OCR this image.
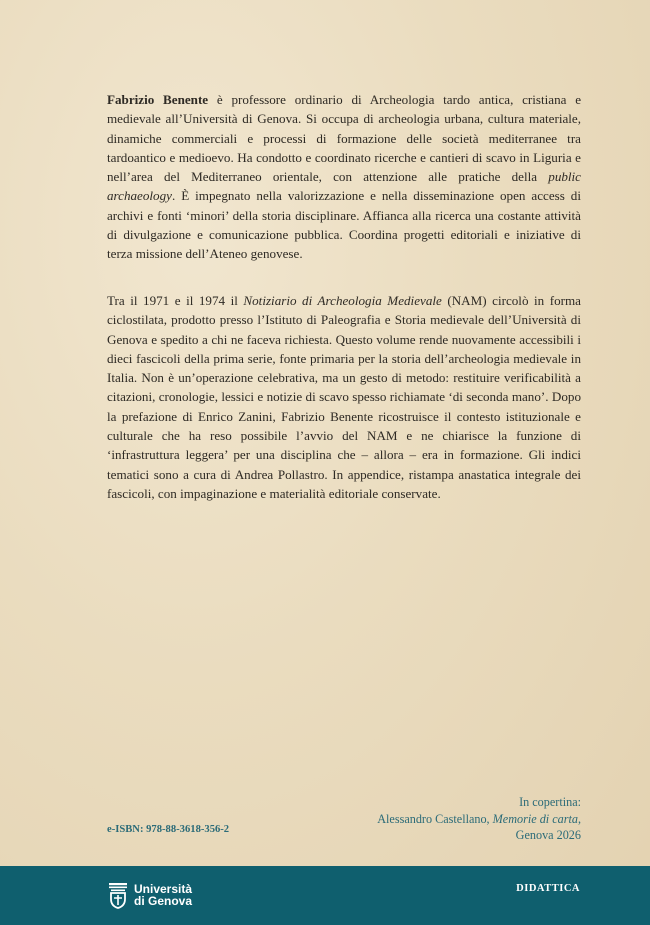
Fabrizio Benente è professore ordinario di Archeologia tardo antica, cristiana e medievale all’Università di Genova. Si occupa di archeologia urbana, cultura materiale, dinamiche commerciali e processi di formazione delle società mediterranee tra tardoantico e medioevo. Ha condotto e coordinato ricerche e cantieri di scavo in Liguria e nell’area del Mediterraneo orientale, con attenzione alle pratiche della public archaeology. È impegnato nella valorizzazione e nella disseminazione open access di archivi e fonti ‘minori’ della storia disciplinare. Affianca alla ricerca una costante attività di divulgazione e comunicazione pubblica. Coordina progetti editoriali e iniziative di terza missione dell’Ateneo genovese.

Tra il 1971 e il 1974 il Notiziario di Archeologia Medievale (NAM) circolò in forma ciclostilata, prodotto presso l’Istituto di Paleografia e Storia medievale dell’Università di Genova e spedito a chi ne faceva richiesta. Questo volume rende nuovamente accessibili i dieci fascicoli della prima serie, fonte primaria per la storia dell’archeologia medievale in Italia. Non è un’operazione celebrativa, ma un gesto di metodo: restituire verificabilità a citazioni, cronologie, lessici e notizie di scavo spesso richiamate ‘di seconda mano’. Dopo la prefazione di Enrico Zanini, Fabrizio Benente ricostruisce il contesto istituzionale e culturale che ha reso possibile l’avvio del NAM e ne chiarisce la funzione di ‘infrastruttura leggera’ per una disciplina che – allora – era in formazione. Gli indici tematici sono a cura di Andrea Pollastro. In appendice, ristampa anastatica integrale dei fascicoli, con impaginazione e materialità editoriale conservate.

In copertina:
Alessandro Castellano, Memorie di carta,
Genova 2026
e-ISBN: 978-88-3618-356-2
Università
di Genova
DIDATTICA
